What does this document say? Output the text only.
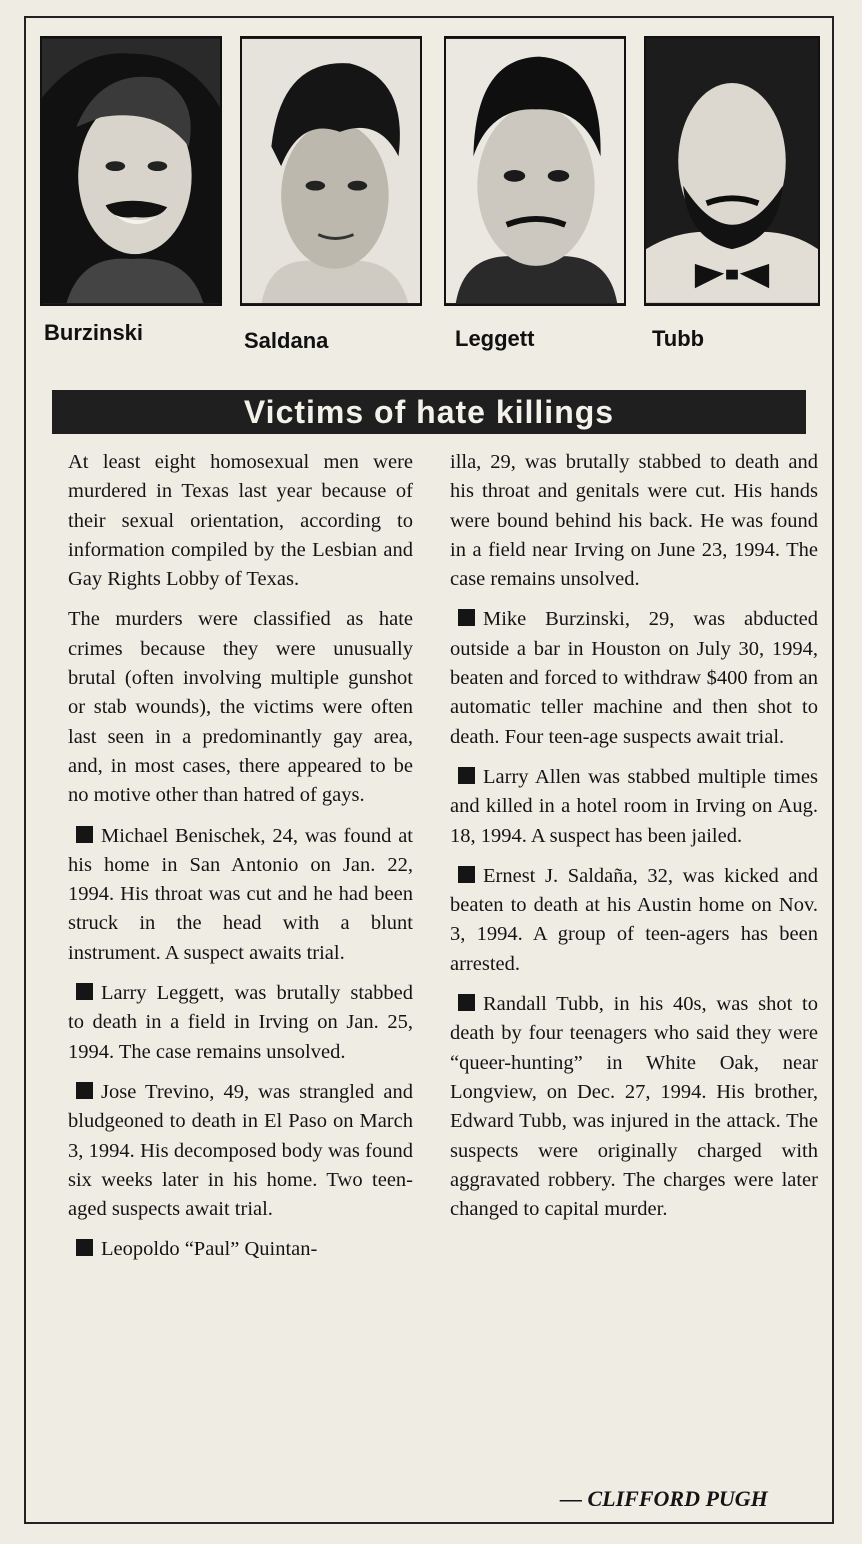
Burzinski	Saldana	Leggett	Tubb
Victims of hate killings

At least eight homosexual men were murdered in Texas last year because of their sexual orientation, according to information compiled by the Lesbian and Gay Rights Lobby of Texas.

The murders were classified as hate crimes because they were unusually brutal (often involving multiple gunshot or stab wounds), the victims were often last seen in a predominantly gay area, and, in most cases, there appeared to be no motive other than hatred of gays.

Michael Benischek, 24, was found at his home in San Antonio on Jan. 22, 1994. His throat was cut and he had been struck in the head with a blunt instrument. A suspect awaits trial.

Larry Leggett, was brutally stabbed to death in a field in Irving on Jan. 25, 1994. The case remains unsolved.

Jose Trevino, 49, was strangled and bludgeoned to death in El Paso on March 3, 1994. His decomposed body was found six weeks later in his home. Two teen-aged suspects await trial.

Leopoldo “Paul” Quintan-

illa, 29, was brutally stabbed to death and his throat and genitals were cut. His hands were bound behind his back. He was found in a field near Irving on June 23, 1994. The case remains unsolved.

Mike Burzinski, 29, was abducted outside a bar in Houston on July 30, 1994, beaten and forced to withdraw $400 from an automatic teller machine and then shot to death. Four teen-age suspects await trial.

Larry Allen was stabbed multiple times and killed in a hotel room in Irving on Aug. 18, 1994. A suspect has been jailed.

Ernest J. Saldaña, 32, was kicked and beaten to death at his Austin home on Nov. 3, 1994. A group of teen-agers has been arrested.

Randall Tubb, in his 40s, was shot to death by four teenagers who said they were “queer-hunting” in White Oak, near Longview, on Dec. 27, 1994. His brother, Edward Tubb, was injured in the attack. The suspects were originally charged with aggravated robbery. The charges were later changed to capital murder.

— CLIFFORD PUGH
